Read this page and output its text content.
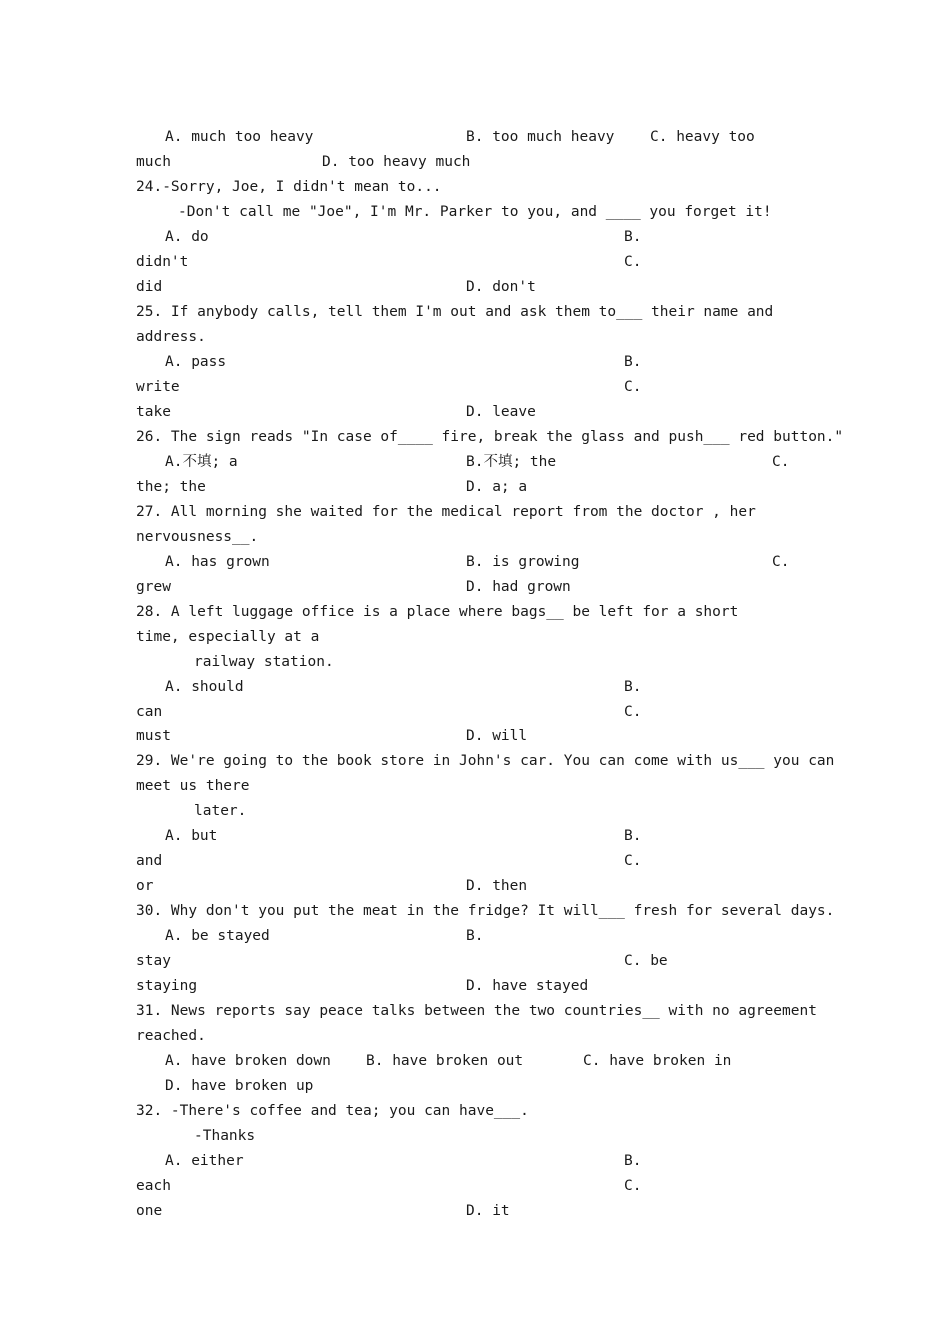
A. much too heavy	B. too much heavy C. heavy too
much	D. too heavy much
24.-Sorry, Joe, I didn't mean to...
-Don't call me "Joe", I'm Mr. Parker to you, and ____ you forget it!
A. do	B.
didn't	C.
did	D. don't
25. If anybody calls, tell them I'm out and ask them to___ their name and
address.
A. pass	B.
write	C.
take	D. leave
26. The sign reads "In case of____ fire, break the glass and push___ red button."
A.不填; a	B.不填; the	C.
the; the	D. a; a
27. All morning she waited for the medical report from the doctor , her
nervousness__.
A. has grown	B. is growing	C.
grew	D. had grown
28. A left luggage office is a place where bags__ be left for a short
time, especially at a
railway station.
A. should	B.
can	C.
must	D. will
29. We're going to the book store in John's car. You can come with us___ you can
meet us there
later.
A. but	B.
and	C.
or	D. then
30. Why don't you put the meat in the fridge? It will___ fresh for several days.
A. be stayed	B.
stay	C. be
staying	D. have stayed
31. News reports say peace talks between the two countries__ with no agreement
reached.
A. have broken down B. have broken out	C. have broken in
D. have broken up
32. -There's coffee and tea; you can have___.
-Thanks
A. either	B.
each	C.
one	D. it
